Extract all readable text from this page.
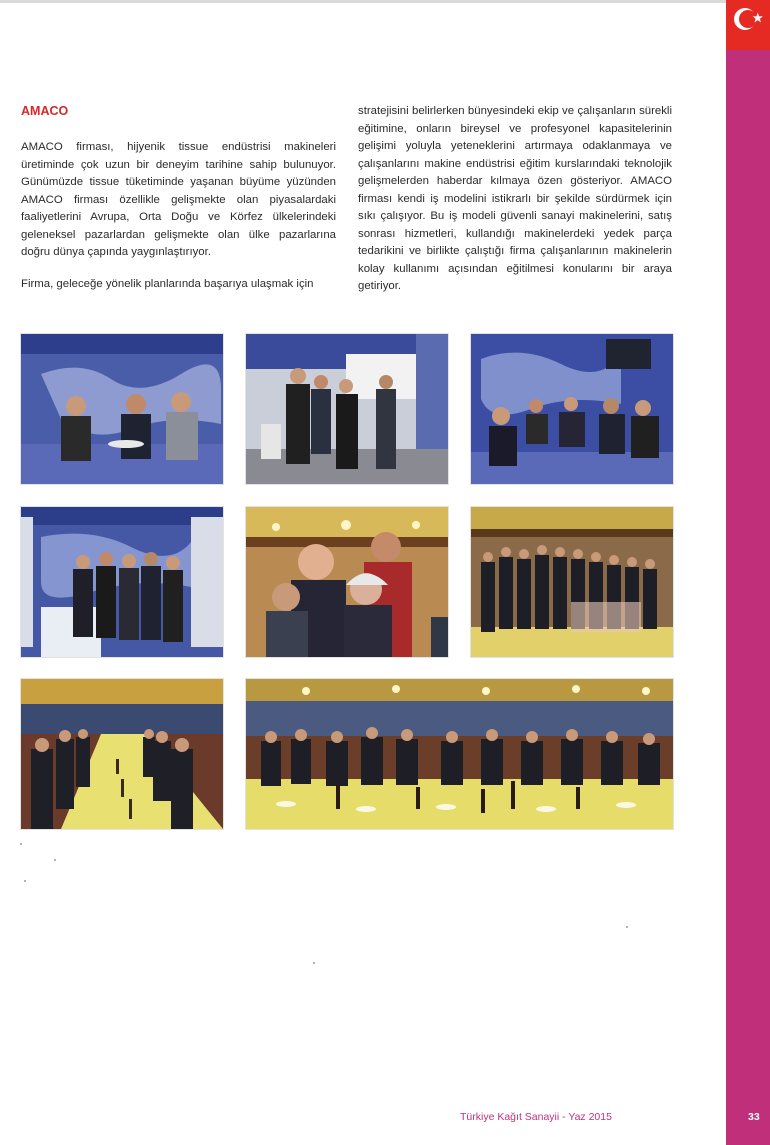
AMACO

AMACO firması, hijyenik tissue endüstrisi makineleri üretiminde çok uzun bir deneyim tarihine sahip bulunuyor. Günümüzde tissue tüketiminde yaşanan büyüme yüzünden AMACO firması özellikle gelişmekte olan piyasalardaki faaliyetlerini Avrupa, Orta Doğu ve Körfez ülkelerindeki geleneksel pazarlardan gelişmekte olan ülke pazarlarına doğru dünya çapında yaygınlaştırıyor.

Firma, geleceğe yönelik planlarında başarıya ulaşmak için

stratejisini belirlerken bünyesindeki ekip ve çalışanların sürekli eğitimine, onların bireysel ve profesyonel kapasitelerinin gelişimi yoluyla yeteneklerini artırmaya odaklanmaya ve çalışanlarını makine endüstrisi eğitim kurslarındaki teknolojik gelişmelerden haberdar kılmaya özen gösteriyor. AMACO firması kendi iş modelini istikrarlı bir şekilde sürdürmek için sıkı çalışıyor. Bu iş modeli güvenli sanayi makinelerini, satış sonrası hizmetleri, kullandığı makinelerdeki yedek parça tedarikini ve birlikte çalıştığı firma çalışanlarının makinelerin kolay kullanımı açısından eğitilmesi konularını bir araya getiriyor.

Türkiye Kağıt Sanayii - Yaz 2015	33
